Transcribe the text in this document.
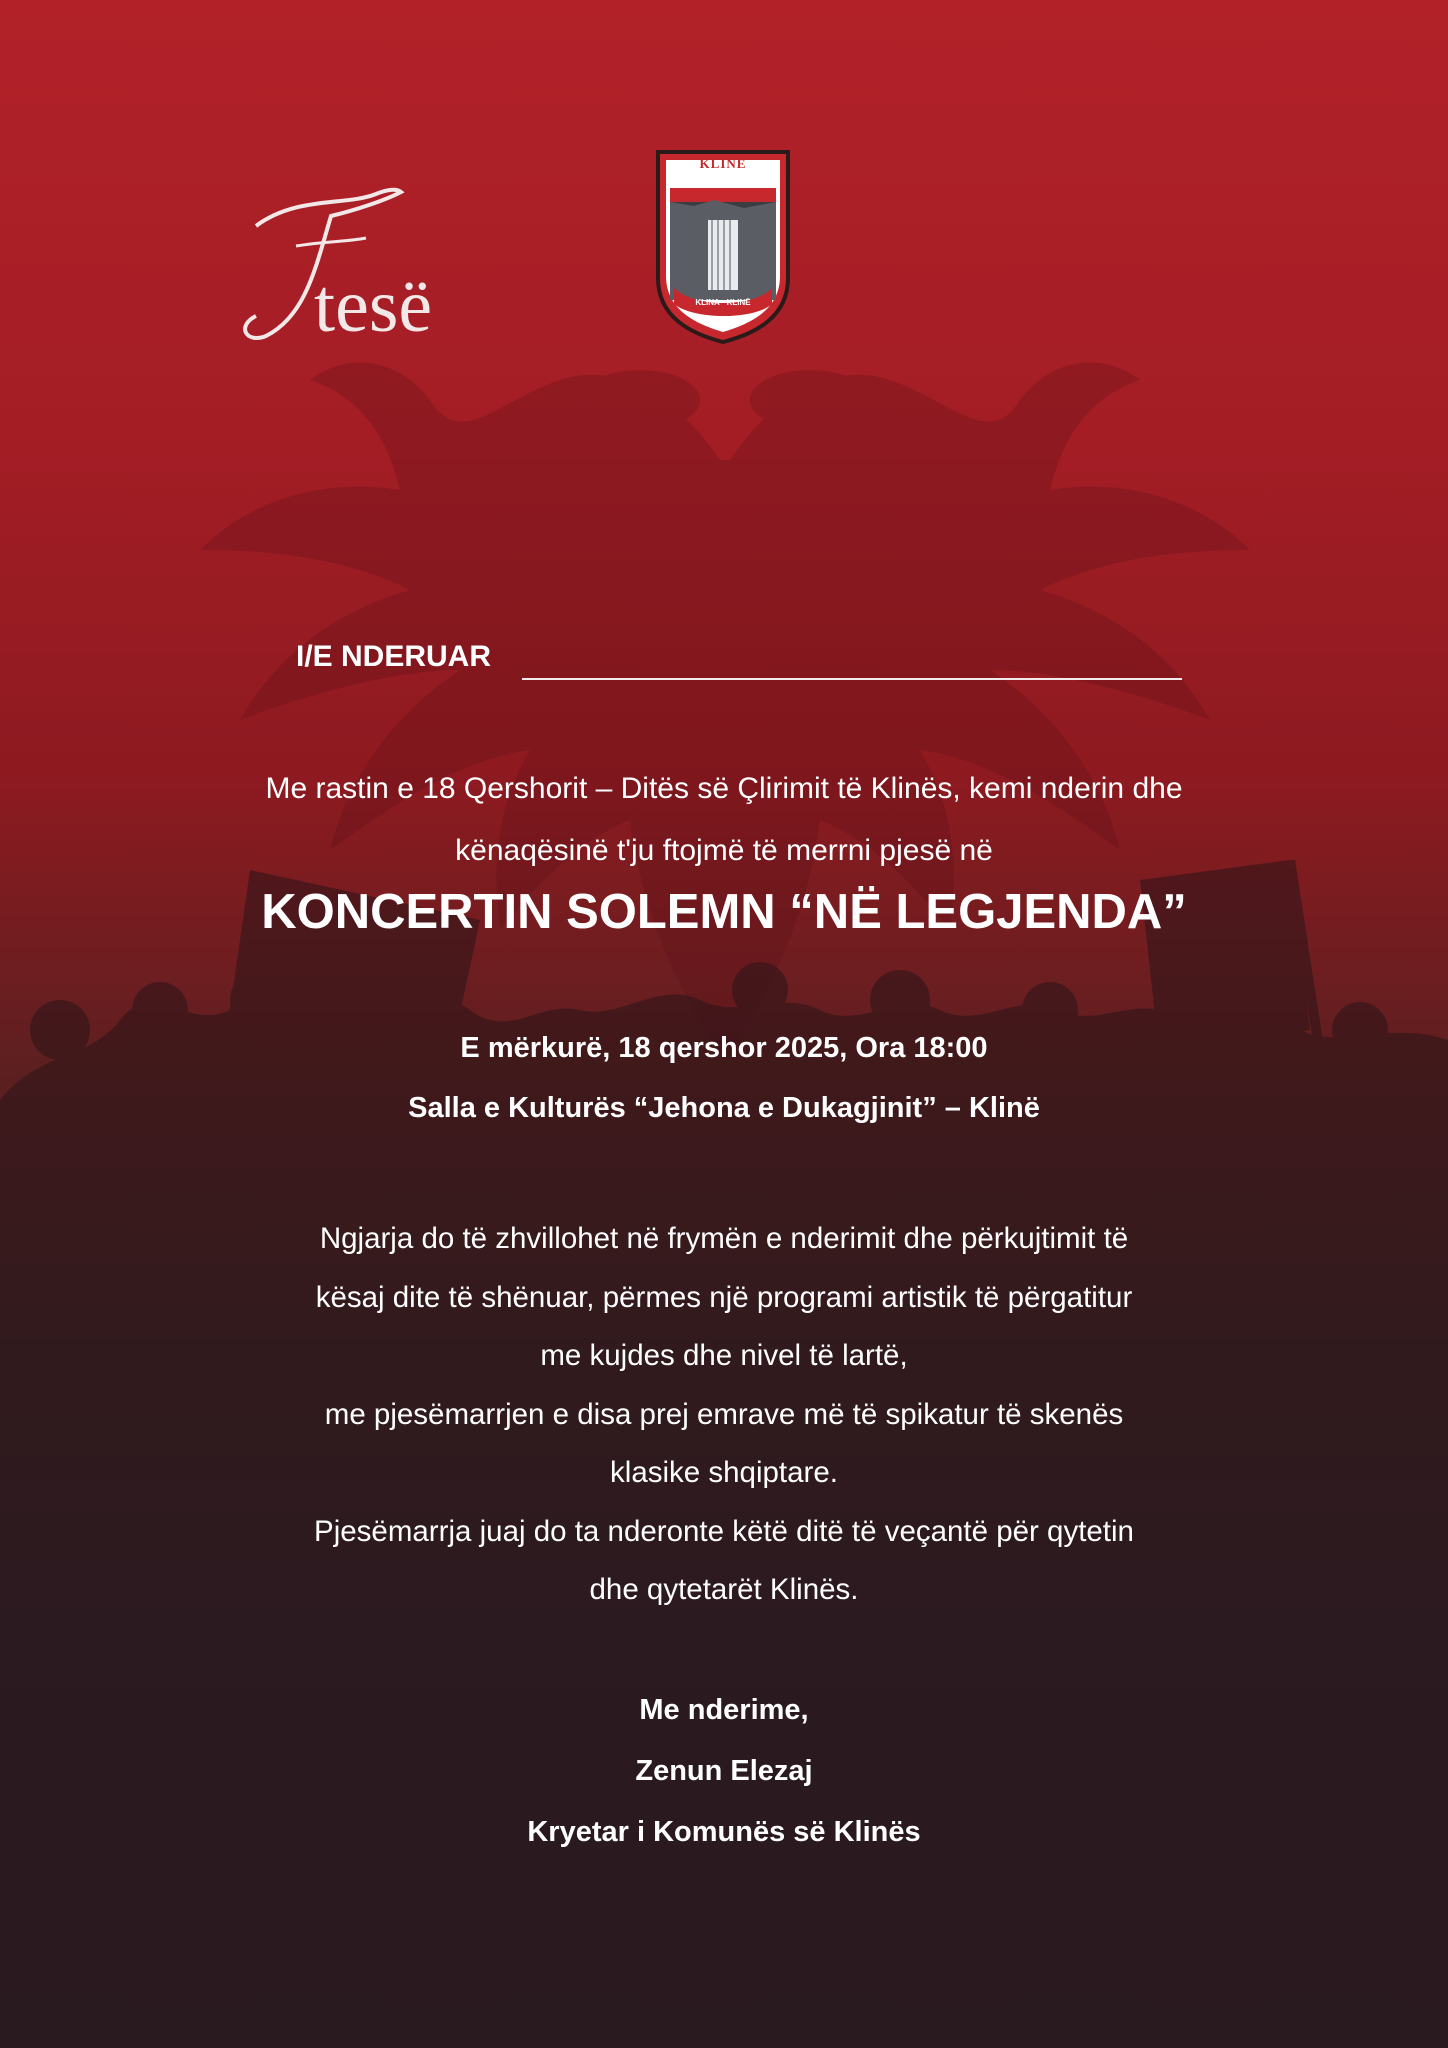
tesë
KLINË
KLINA · KLINË
I/E NDERUAR
Me rastin e 18 Qershorit – Ditës së Çlirimit të Klinës, kemi nderin dhe
kënaqësinë t'ju ftojmë të merrni pjesë në
KONCERTIN SOLEMN “NË LEGJENDA”
E mërkurë, 18 qershor 2025, Ora 18:00
Salla e Kulturës “Jehona e Dukagjinit” – Klinë
Ngjarja do të zhvillohet në frymën e nderimit dhe përkujtimit të
kësaj dite të shënuar, përmes një programi artistik të përgatitur
me kujdes dhe nivel të lartë,
me pjesëmarrjen e disa prej emrave më të spikatur të skenës
klasike shqiptare.
Pjesëmarrja juaj do ta nderonte këtë ditë të veçantë për qytetin
dhe qytetarët Klinës.
Me nderime,
Zenun Elezaj
Kryetar i Komunës së Klinës
